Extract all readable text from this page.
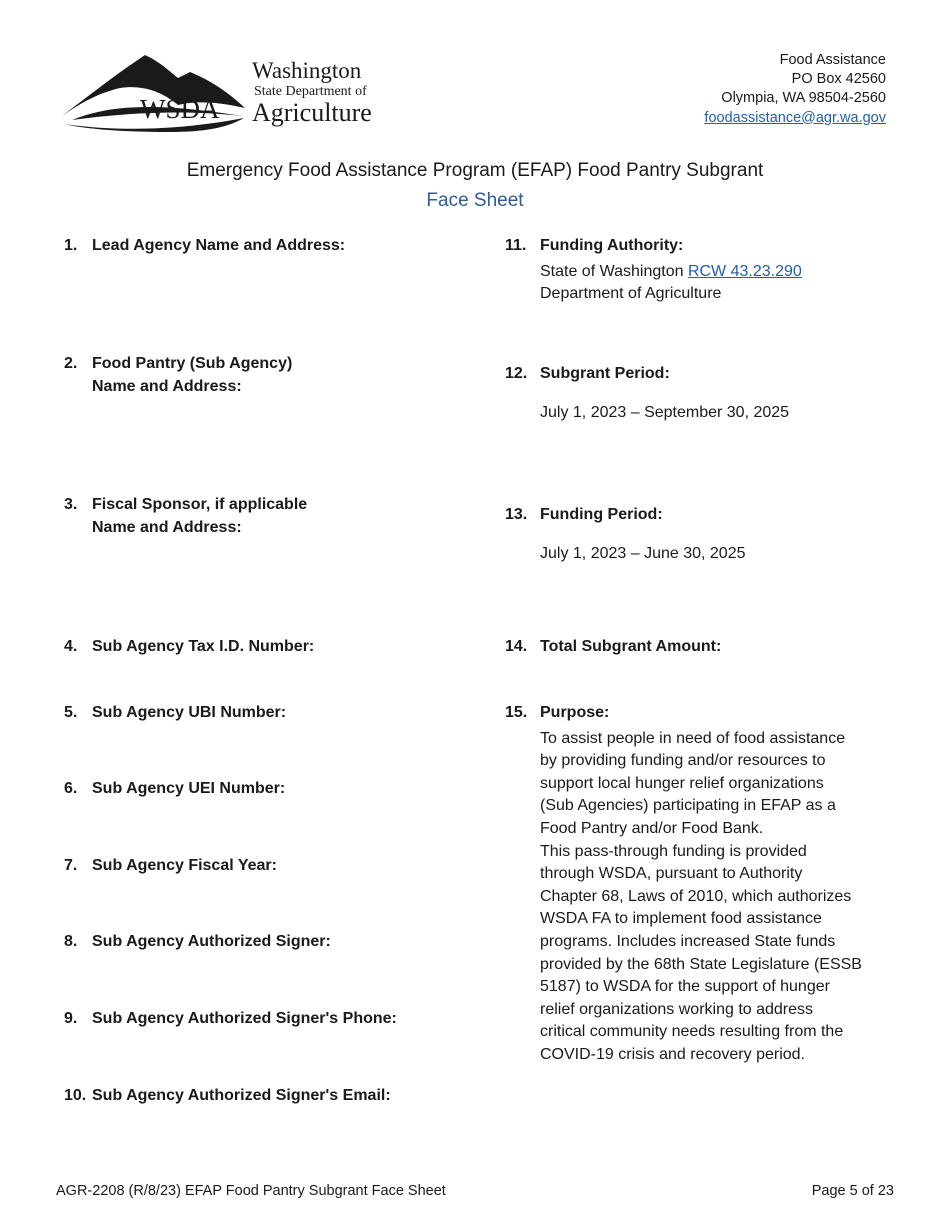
WSDA
Washington
State Department of
Agriculture
Food Assistance
PO Box 42560
Olympia, WA 98504-2560
foodassistance@agr.wa.gov
Emergency Food Assistance Program (EFAP) Food Pantry Subgrant
Face Sheet
1. Lead Agency Name and Address:
2. Food Pantry (Sub Agency)
Name and Address:
3. Fiscal Sponsor, if applicable
Name and Address:
4. Sub Agency Tax I.D. Number:
5. Sub Agency UBI Number:
6. Sub Agency UEI Number:
7. Sub Agency Fiscal Year:
8. Sub Agency Authorized Signer:
9. Sub Agency Authorized Signer's Phone:
10. Sub Agency Authorized Signer's Email:
11. Funding Authority:
State of Washington RCW 43.23.290
Department of Agriculture
12. Subgrant Period:
July 1, 2023 – September 30, 2025
13. Funding Period:
July 1, 2023 – June 30, 2025
14. Total Subgrant Amount:
15. Purpose:
To assist people in need of food assistance
by providing funding and/or resources to
support local hunger relief organizations
(Sub Agencies) participating in EFAP as a
Food Pantry and/or Food Bank.
This pass-through funding is provided
through WSDA, pursuant to Authority
Chapter 68, Laws of 2010, which authorizes
WSDA FA to implement food assistance
programs. Includes increased State funds
provided by the 68th State Legislature (ESSB
5187) to WSDA for the support of hunger
relief organizations working to address
critical community needs resulting from the
COVID-19 crisis and recovery period.
AGR-2208 (R/8/23) EFAP Food Pantry Subgrant Face Sheet	Page 5 of 23
